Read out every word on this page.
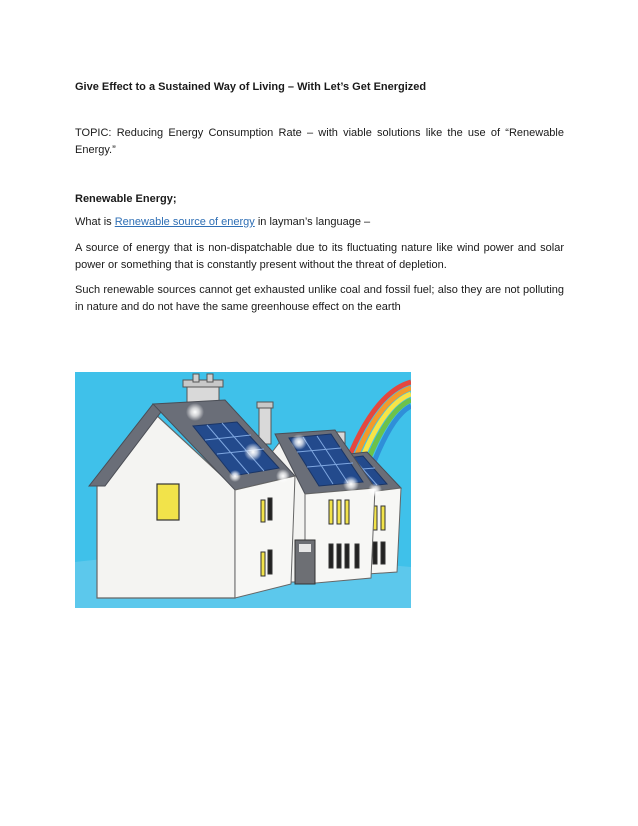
Give Effect to a Sustained Way of Living – With Let’s Get Energized

TOPIC: Reducing Energy Consumption Rate – with viable solutions like the use of “Renewable Energy.”

Renewable Energy;

What is Renewable source of energy in layman’s language –

A source of energy that is non-dispatchable due to its fluctuating nature like wind power and solar power or something that is constantly present without the threat of depletion.

Such renewable sources cannot get exhausted unlike coal and fossil fuel; also they are not polluting in nature and do not have the same greenhouse effect on the earth
